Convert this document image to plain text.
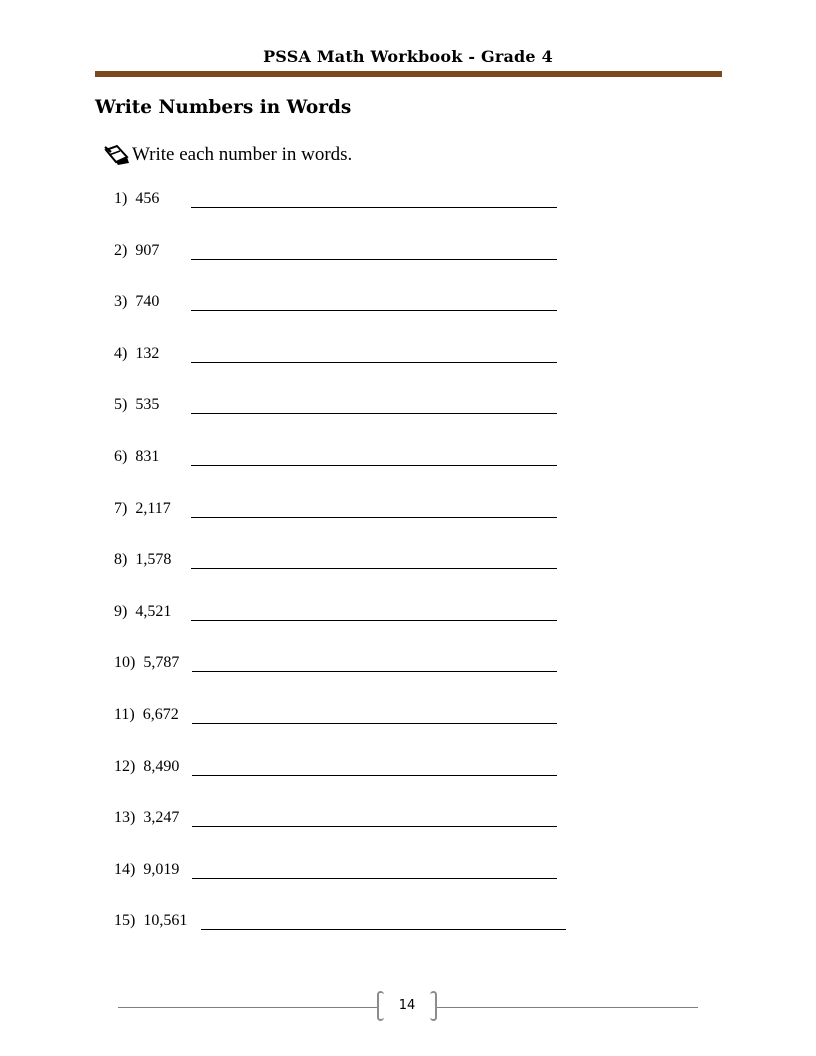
PSSA Math Workbook - Grade 4
Write Numbers in Words
Write each number in words.
1)  456
2)  907
3)  740
4)  132
5)  535
6)  831
7)  2,117
8)  1,578
9)  4,521
10)  5,787
11)  6,672
12)  8,490
13)  3,247
14)  9,019
15)  10,561
14
